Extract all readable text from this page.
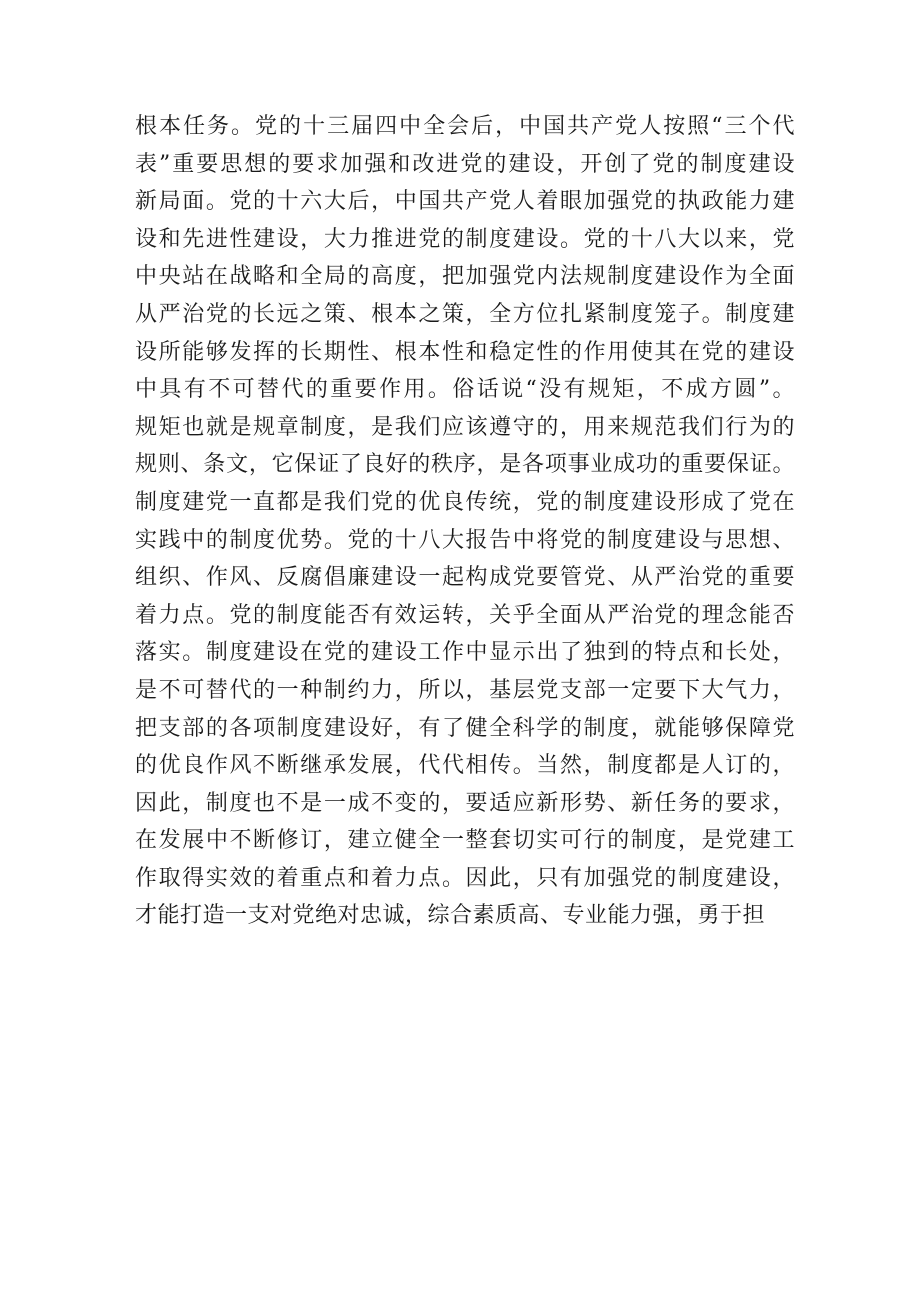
根本任务。党的十三届四中全会后，中国共产党人按照“三个代
表”重要思想的要求加强和改进党的建设，开创了党的制度建设
新局面。党的十六大后，中国共产党人着眼加强党的执政能力建
设和先进性建设，大力推进党的制度建设。党的十八大以来，党
中央站在战略和全局的高度，把加强党内法规制度建设作为全面
从严治党的长远之策、根本之策，全方位扎紧制度笼子。制度建
设所能够发挥的长期性、根本性和稳定性的作用使其在党的建设
中具有不可替代的重要作用。俗话说“没有规矩，不成方圆”。
规矩也就是规章制度，是我们应该遵守的，用来规范我们行为的
规则、条文，它保证了良好的秩序，是各项事业成功的重要保证。
制度建党一直都是我们党的优良传统，党的制度建设形成了党在
实践中的制度优势。党的十八大报告中将党的制度建设与思想、
组织、作风、反腐倡廉建设一起构成党要管党、从严治党的重要
着力点。党的制度能否有效运转，关乎全面从严治党的理念能否
落实。制度建设在党的建设工作中显示出了独到的特点和长处，
是不可替代的一种制约力，所以，基层党支部一定要下大气力，
把支部的各项制度建设好，有了健全科学的制度，就能够保障党
的优良作风不断继承发展，代代相传。当然，制度都是人订的，
因此，制度也不是一成不变的，要适应新形势、新任务的要求，
在发展中不断修订，建立健全一整套切实可行的制度，是党建工
作取得实效的着重点和着力点。因此，只有加强党的制度建设，
才能打造一支对党绝对忠诚，综合素质高、专业能力强，勇于担
